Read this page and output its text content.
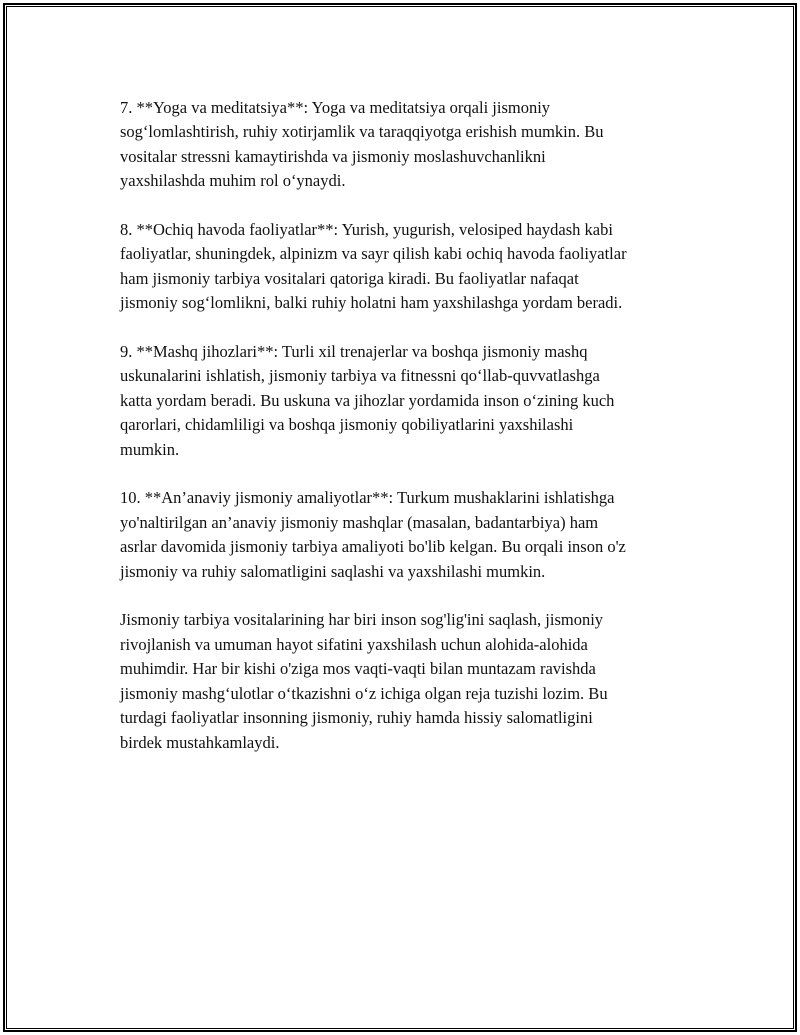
7. **Yoga va meditatsiya**: Yoga va meditatsiya orqali jismoniy
sog‘lomlashtirish, ruhiy xotirjamlik va taraqqiyotga erishish mumkin. Bu
vositalar stressni kamaytirishda va jismoniy moslashuvchanlikni
yaxshilashda muhim rol o‘ynaydi.

8. **Ochiq havoda faoliyatlar**: Yurish, yugurish, velosiped haydash kabi
faoliyatlar, shuningdek, alpinizm va sayr qilish kabi ochiq havoda faoliyatlar
ham jismoniy tarbiya vositalari qatoriga kiradi. Bu faoliyatlar nafaqat
jismoniy sog‘lomlikni, balki ruhiy holatni ham yaxshilashga yordam beradi.

9. **Mashq jihozlari**: Turli xil trenajerlar va boshqa jismoniy mashq
uskunalarini ishlatish, jismoniy tarbiya va fitnessni qo‘llab-quvvatlashga
katta yordam beradi. Bu uskuna va jihozlar yordamida inson o‘zining kuch
qarorlari, chidamliligi va boshqa jismoniy qobiliyatlarini yaxshilashi
mumkin.

10. **An’anaviy jismoniy amaliyotlar**: Turkum mushaklarini ishlatishga
yo'naltirilgan an’anaviy jismoniy mashqlar (masalan, badantarbiya) ham
asrlar davomida jismoniy tarbiya amaliyoti bo'lib kelgan. Bu orqali inson o'z
jismoniy va ruhiy salomatligini saqlashi va yaxshilashi mumkin.

Jismoniy tarbiya vositalarining har biri inson sog'lig'ini saqlash, jismoniy
rivojlanish va umuman hayot sifatini yaxshilash uchun alohida-alohida
muhimdir. Har bir kishi o'ziga mos vaqti-vaqti bilan muntazam ravishda
jismoniy mashg‘ulotlar o‘tkazishni o‘z ichiga olgan reja tuzishi lozim. Bu
turdagi faoliyatlar insonning jismoniy, ruhiy hamda hissiy salomatligini
birdek mustahkamlaydi.
